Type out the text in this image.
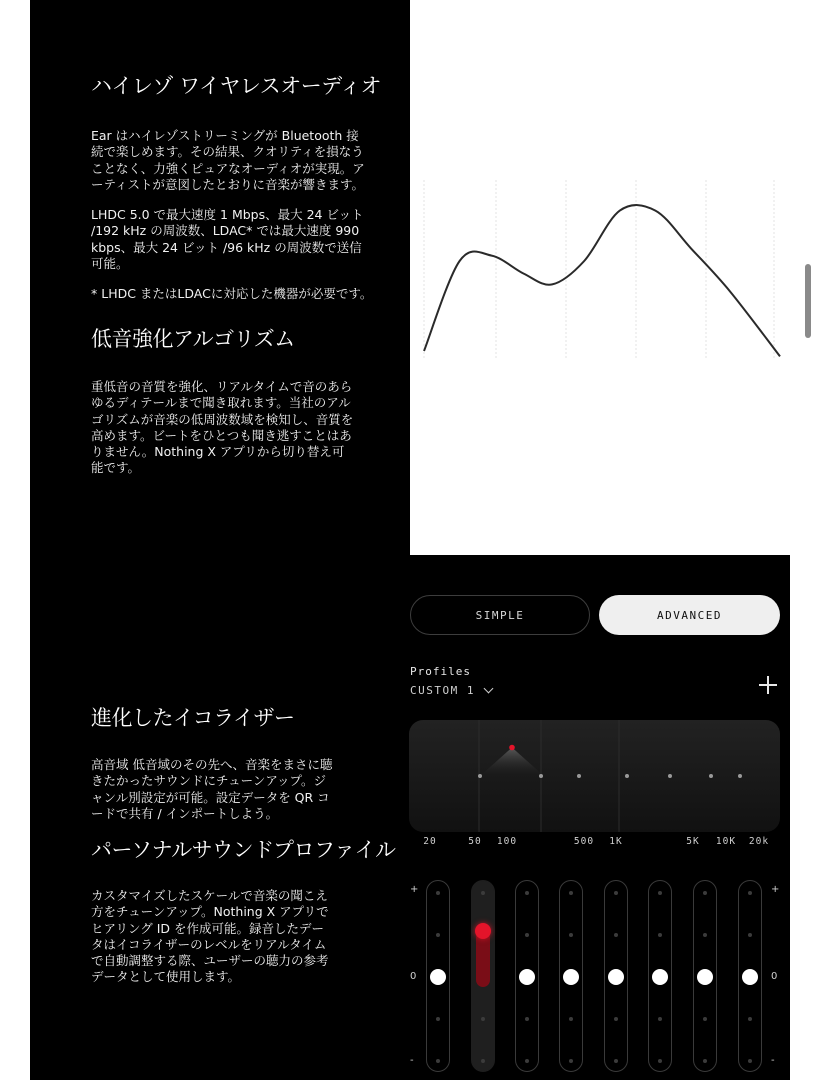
ハイレゾ ワイヤレスオーディオ

Ear はハイレゾストリーミングが Bluetooth 接
続で楽しめます。その結果、クオリティを損なう
ことなく、力強くピュアなオーディオが実現。ア
ーティストが意図したとおりに音楽が響きます。

LHDC 5.0 で最大速度 1 Mbps、最大 24 ビット
/192 kHz の周波数、LDAC* では最大速度 990
kbps、最大 24 ビット /96 kHz の周波数で送信
可能。

* LHDC またはLDACに対応した機器が必要です。

低音強化アルゴリズム

重低音の音質を強化、リアルタイムで音のあら
ゆるディテールまで聞き取れます。当社のアル
ゴリズムが音楽の低周波数域を検知し、音質を
高めます。ビートをひとつも聞き逃すことはあ
りません。Nothing X アプリから切り替え可
能です。

進化したイコライザー

高音域 低音域のその先へ、音楽をまさに聴
きたかったサウンドにチューンアップ。ジ
ャンル別設定が可能。設定データを QR コ
ードで共有 / インポートしよう。

パーソナルサウンドプロファイル

カスタマイズしたスケールで音楽の聞こえ
方をチューンアップ。Nothing X アプリで
ヒアリング ID を作成可能。録音したデー
タはイコライザーのレベルをリアルタイム
で自動調整する際、ユーザーの聴力の参考
データとして使用します。

SIMPLE	ADVANCED
Profiles
CUSTOM 1
20	50 100	500 1K	5K 10K 20k
+
0
-
+
0
-
